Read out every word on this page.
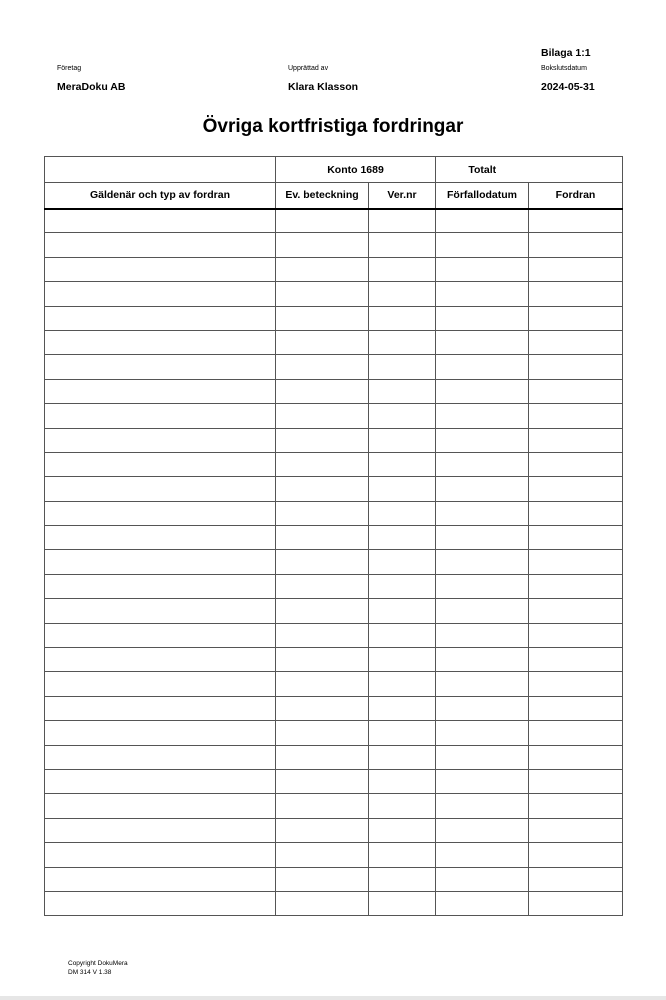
Bilaga 1:1
Företag
MeraDoku AB
Upprättad av
Klara Klasson
Bokslutsdatum
2024-05-31
Övriga kortfristiga fordringar
	Konto 1689		Totalt	
Gäldenär och typ av fordran	Ev. beteckning	Ver.nr	Förfallodatum	Fordran

Copyright DokuMera
DM 314 V 1.38
